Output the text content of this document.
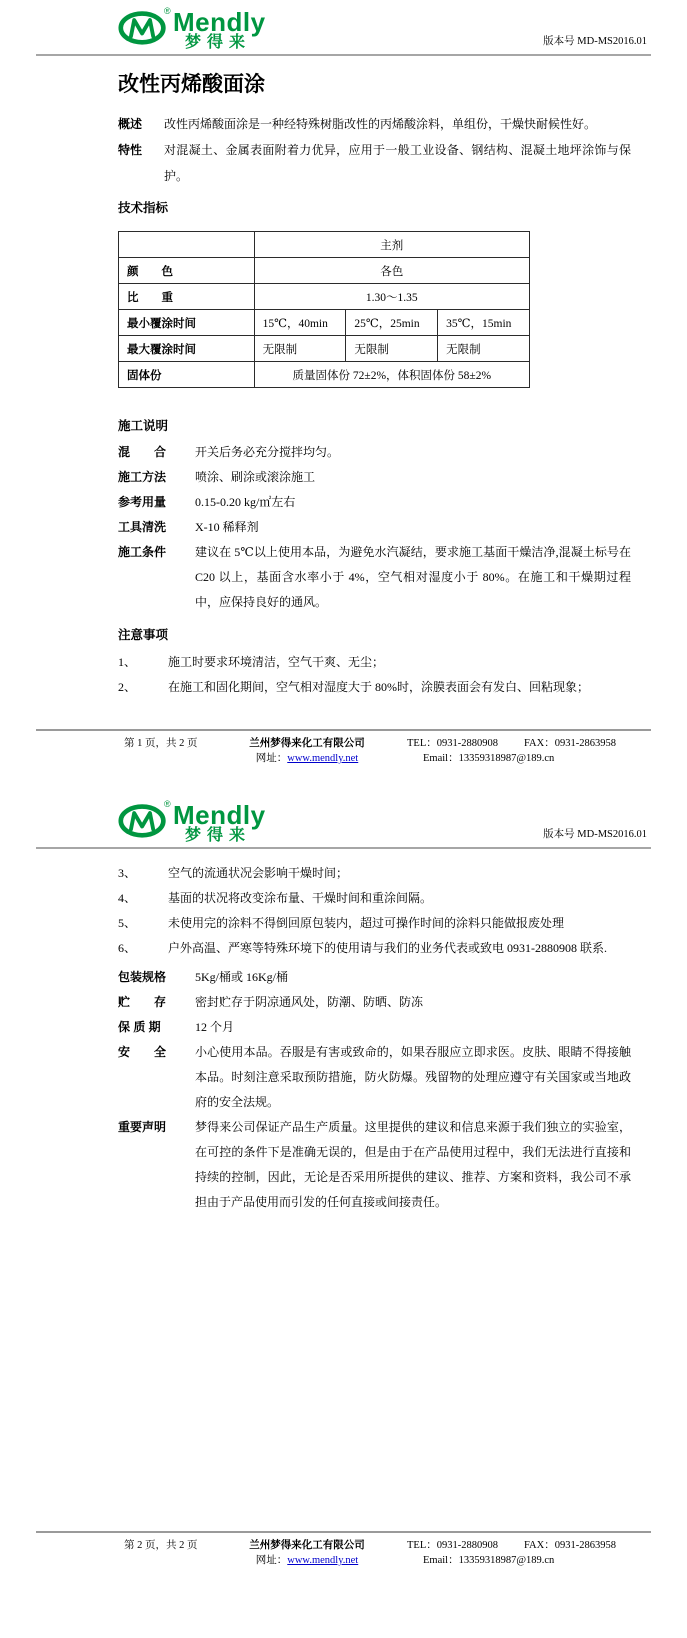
® Mendly
梦得来	版本号 MD-MS2016.01
改性丙烯酸面涂
概述	改性丙烯酸面涂是一种经特殊树脂改性的丙烯酸涂料，单组份，干燥快耐候性好。
特性	对混凝土、金属表面附着力优异，应用于一般工业设备、钢结构、混凝土地坪涂饰与保护。
技术指标
	主剂		
颜　　色	各色		
比　　重	1.30～1.35		
最小覆涂时间	15℃，40min	25℃，25min	35℃，15min
最大覆涂时间	无限制	无限制	无限制
固体份	质量固体份 72±2%，体积固体份 58±2%		
施工说明
混　　合	开关后务必充分搅拌均匀。
施工方法	喷涂、刷涂或滚涂施工
参考用量	0.15-0.20 kg/㎡左右
工具清洗	X-10 稀释剂
施工条件	建议在 5℃以上使用本品，为避免水汽凝结，要求施工基面干燥洁净,混凝土标号在 C20 以上，基面含水率小于 4%，空气相对湿度小于 80%。在施工和干燥期过程中，应保持良好的通风。
注意事项
1、	施工时要求环境清洁，空气干爽、无尘；
2、	在施工和固化期间，空气相对湿度大于 80%时，涂膜表面会有发白、回粘现象；
第 1 页，共 2 页	兰州梦得来化工有限公司
网址：www.mendly.net
TEL：0931-2880908 FAX：0931-2863958
Email：13359318987@189.cn
® Mendly
梦得来	版本号 MD-MS2016.01
3、	空气的流通状况会影响干燥时间；
4、	基面的状况将改变涂布量、干燥时间和重涂间隔。
5、	未使用完的涂料不得倒回原包装内，超过可操作时间的涂料只能做报废处理
6、	户外高温、严寒等特殊环境下的使用请与我们的业务代表或致电 0931-2880908 联系.
包装规格	5Kg/桶或 16Kg/桶
贮　　存	密封贮存于阴凉通风处，防潮、防晒、防冻
保 质 期	12 个月
安　　全	小心使用本品。吞服是有害或致命的，如果吞服应立即求医。皮肤、眼睛不得接触本品。时刻注意采取预防措施，防火防爆。残留物的处理应遵守有关国家或当地政府的安全法规。
重要声明	梦得来公司保证产品生产质量。这里提供的建议和信息来源于我们独立的实验室，在可控的条件下是准确无误的，但是由于在产品使用过程中，我们无法进行直接和持续的控制，因此，无论是否采用所提供的建议、推荐、方案和资料，我公司不承担由于产品使用而引发的任何直接或间接责任。
第 2 页，共 2 页	兰州梦得来化工有限公司
网址：www.mendly.net
TEL：0931-2880908 FAX：0931-2863958
Email：13359318987@189.cn
